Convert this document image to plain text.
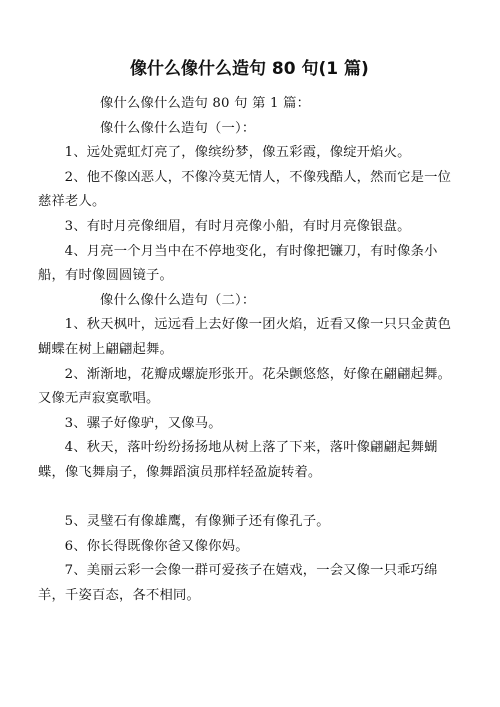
像什么像什么造句 80 句(1 篇)

像什么像什么造句 80 句 第 1 篇：

像什么像什么造句（一）：

1、远处霓虹灯亮了，像缤纷梦，像五彩霞，像绽开焰火。

2、他不像凶恶人，不像冷莫无情人，不像残酷人，然而它是一位慈祥老人。

3、有时月亮像细眉，有时月亮像小船，有时月亮像银盘。

4、月亮一个月当中在不停地变化，有时像把镰刀，有时像条小船，有时像圆圆镜子。

像什么像什么造句（二）：

1、秋天枫叶，远远看上去好像一团火焰，近看又像一只只金黄色蝴蝶在树上翩翩起舞。

2、渐渐地，花瓣成螺旋形张开。花朵颤悠悠，好像在翩翩起舞。又像无声寂寞歌唱。

3、骡子好像驴，又像马。

4、秋天，落叶纷纷扬扬地从树上落了下来，落叶像翩翩起舞蝴蝶，像飞舞扇子，像舞蹈演员那样轻盈旋转着。

5、灵璧石有像雄鹰，有像狮子还有像孔子。

6、你长得既像你爸又像你妈。

7、美丽云彩一会像一群可爱孩子在嬉戏，一会又像一只乖巧绵羊，千姿百态，各不相同。
